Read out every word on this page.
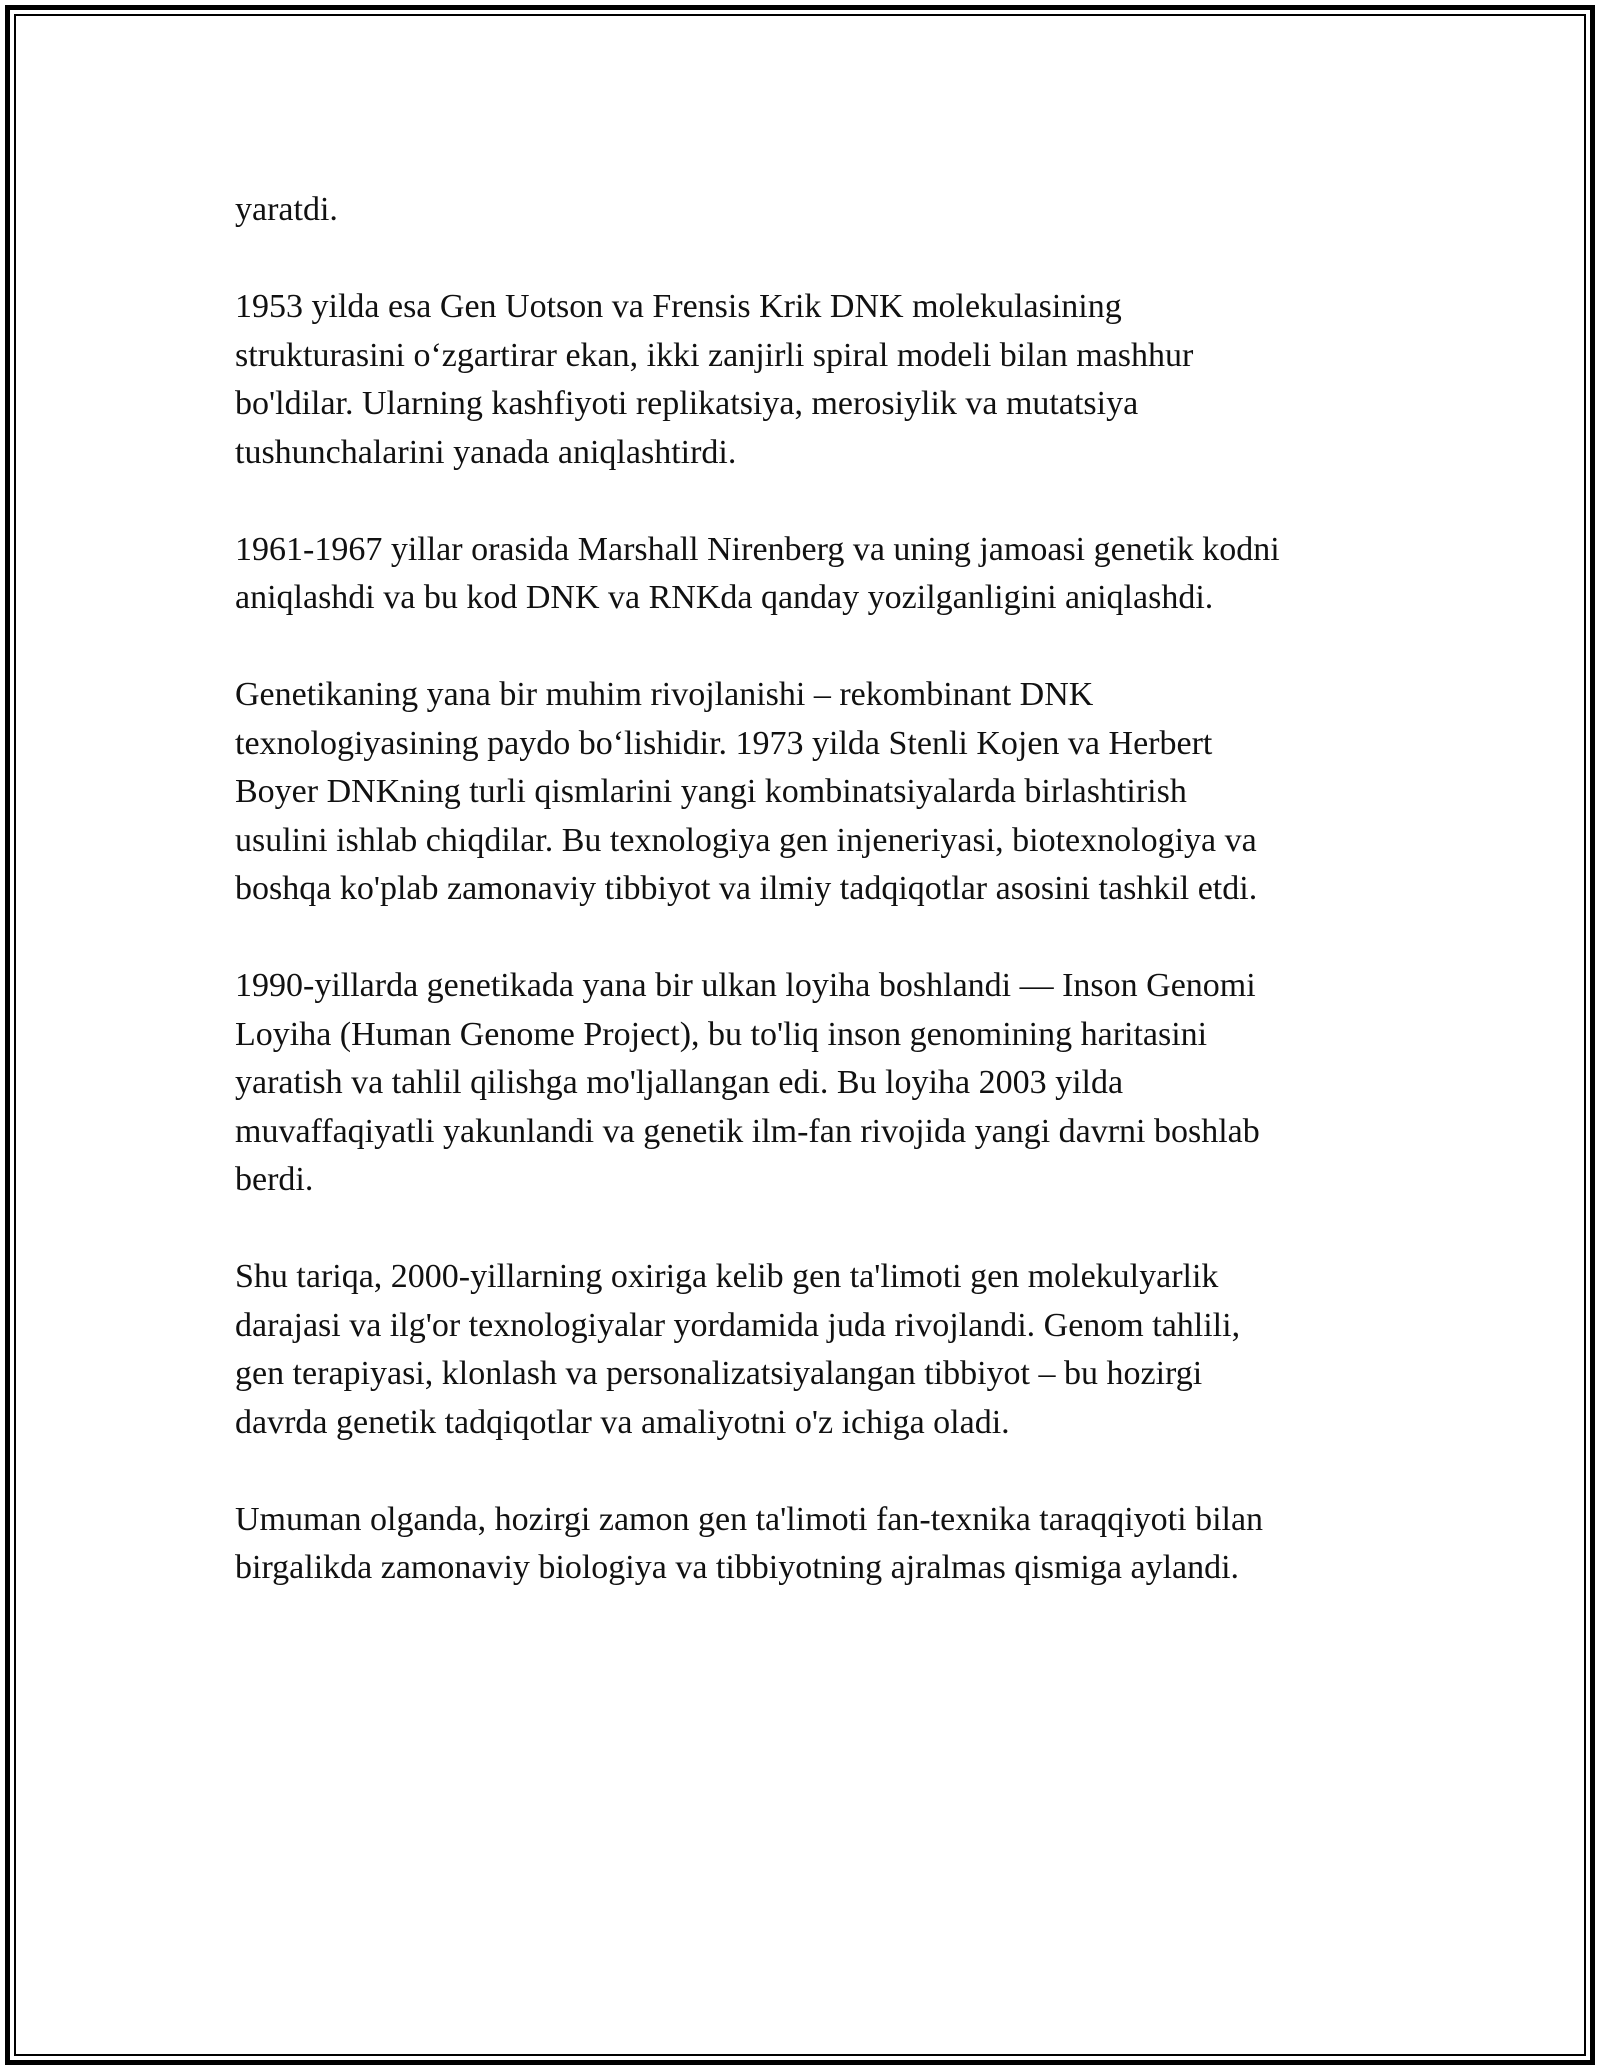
yaratdi.

1953 yilda esa Gen Uotson va Frensis Krik DNK molekulasining
strukturasini o‘zgartirar ekan, ikki zanjirli spiral modeli bilan mashhur
bo'ldilar. Ularning kashfiyoti replikatsiya, merosiylik va mutatsiya
tushunchalarini yanada aniqlashtirdi.

1961-1967 yillar orasida Marshall Nirenberg va uning jamoasi genetik kodni
aniqlashdi va bu kod DNK va RNKda qanday yozilganligini aniqlashdi.

Genetikaning yana bir muhim rivojlanishi – rekombinant DNK
texnologiyasining paydo bo‘lishidir. 1973 yilda Stenli Kojen va Herbert
Boyer DNKning turli qismlarini yangi kombinatsiyalarda birlashtirish
usulini ishlab chiqdilar. Bu texnologiya gen injeneriyasi, biotexnologiya va
boshqa ko'plab zamonaviy tibbiyot va ilmiy tadqiqotlar asosini tashkil etdi.

1990-yillarda genetikada yana bir ulkan loyiha boshlandi — Inson Genomi
Loyiha (Human Genome Project), bu to'liq inson genomining haritasini
yaratish va tahlil qilishga mo'ljallangan edi. Bu loyiha 2003 yilda
muvaffaqiyatli yakunlandi va genetik ilm-fan rivojida yangi davrni boshlab
berdi.

Shu tariqa, 2000-yillarning oxiriga kelib gen ta'limoti gen molekulyarlik
darajasi va ilg'or texnologiyalar yordamida juda rivojlandi. Genom tahlili,
gen terapiyasi, klonlash va personalizatsiyalangan tibbiyot – bu hozirgi
davrda genetik tadqiqotlar va amaliyotni o'z ichiga oladi.

Umuman olganda, hozirgi zamon gen ta'limoti fan-texnika taraqqiyoti bilan
birgalikda zamonaviy biologiya va tibbiyotning ajralmas qismiga aylandi.
